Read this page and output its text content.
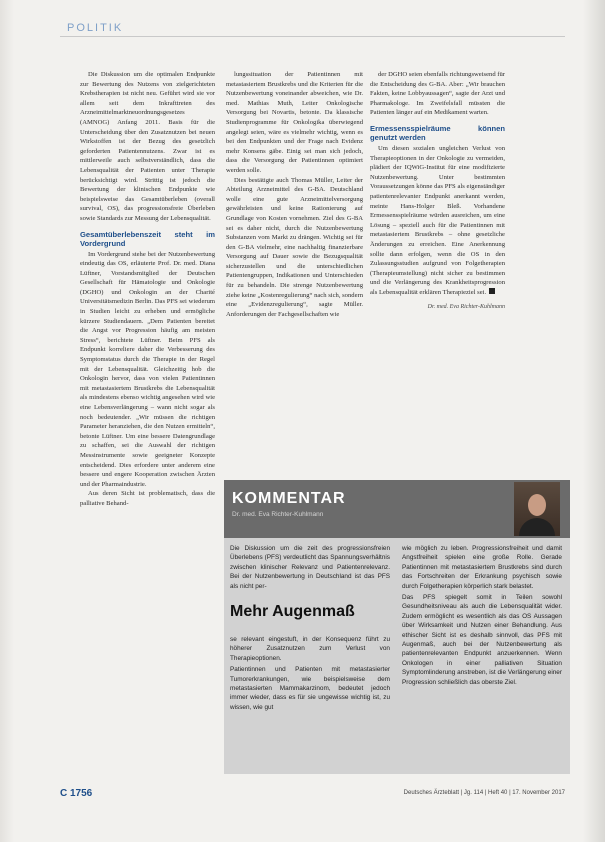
POLITIK

Die Diskussion um die optimalen Endpunkte zur Bewertung des Nutzens von zielgerichteten Krebstherapien ist nicht neu. Geführt wird sie vor allem seit dem Inkrafttreten des Arzneimittelmarktneuordnungsgesetzes (AMNOG) Anfang 2011. Basis für die Unterscheidung über den Zusatznutzen bei neuen Wirkstoffen ist der Bezug des gesetzlich geforderten Patientennutzens. Zwar ist es mittlerweile auch selbstverständlich, dass die Lebensqualität der Patienten unter Therapie berücksichtigt wird. Strittig ist jedoch die Bewertung der klinischen Endpunkte wie beispielsweise das Gesamtüberleben (overall survival, OS), das progressionsfreie Überleben sowie Standards zur Messung der Lebensqualität.

Gesamtüberlebenszeit steht im Vordergrund

Im Vordergrund stehe bei der Nutzenbewertung eindeutig das OS, erläuterte Prof. Dr. med. Diana Lüftner, Vorstandsmitglied der Deutschen Gesellschaft für Hämatologie und Onkologie (DGHO) und Onkologin an der Charité Universitätsmedizin Berlin. Das PFS sei wiederum in Studien leicht zu erheben und ermögliche kürzere Studiendauern. „Dem Patienten bereitet die Angst vor Progression häufig am meisten Stress“, berichtete Lüftner. Beim PFS als Endpunkt korreliere daher die Verbesserung des Symptomstatus durch die Therapie in der Regel mit der Lebensqualität. Gleichzeitig hob die Onkologin hervor, dass von vielen Patientinnen mit metastasiertem Brustkrebs die Lebensqualität als mindestens ebenso wichtig angesehen wird wie eine Lebensverlängerung – wann nicht sogar als noch bedeutender. „Wir müssen die richtigen Parameter heranziehen, die den Nutzen ermitteln“, betonte Lüftner. Um eine bessere Datengrundlage zu schaffen, sei die Auswahl der richtigen Messinstrumente sowie geeigneter Konzepte entscheidend. Dies erfordere unter anderem eine bessere und engere Kooperation zwischen Ärzten und der Pharmaindustrie.

Aus deren Sicht ist problematisch, dass die palliative Behand-

lungssituation der Patientinnen mit metastasiertem Brustkrebs und die Kriterien für die Nutzenbewertung voneinander abweichen, wie Dr. med. Mathias Muth, Leiter Onkologische Versorgung bei Novartis, betonte. Da klassische Studienprogramme für Onkologika überwiegend angelegt seien, wäre es vielmehr wichtig, wenn es bei den Endpunkten und der Frage nach Evidenz mehr Konsens gäbe. Einig sei man sich jedoch, dass die Versorgung der Patientinnen optimiert werden solle.

Dies bestätigte auch Thomas Müller, Leiter der Abteilung Arzneimittel des G-BA. Deutschland wolle eine gute Arzneimittelversorgung gewährleisten und keine Rationierung auf Grundlage von Kosten vornehmen. Ziel des G-BA sei es daher nicht, durch die Nutzenbewertung Substanzen vom Markt zu drängen. Wichtig sei für den G-BA vielmehr, eine nachhaltig finanzierbare Versorgung auf Dauer sowie die Bezugsqualität sicherzustellen und die unterschiedlichen Patientengruppen, Indikationen und Unterschieden für zu behandeln. Die strenge Nutzenbewertung ziehe keine „Kostenregulierung“ nach sich, sondern eine „Evidenzregulierung“, sagte Müller. Anforderungen der Fachgesellschaften wie

der DGHO seien ebenfalls richtungsweisend für die Entscheidung des G-BA. Aber: „Wir brauchen Fakten, keine Lobbyaussagen“, sagte der Arzt und Pharmakologe. Im Zweifelsfall müssten die Patienten länger auf ein Medikament warten.

Ermessensspielräume können genutzt werden

Um diesen sozialen ungleichen Verlust von Therapieoptionen in der Onkologie zu vermeiden, plädiert der IQWiG-Institut für eine modifizierte Nutzenbewertung. Unter bestimmten Voraussetzungen könne das PFS als eigenständiger patientenrelevanter Endpunkt anerkannt werden, meinte Hans-Holger Bleß. Vorhandene Ermessensspielräume würden ausreichen, um eine Lösung – speziell auch für die Patientinnen mit metastasiertem Brustkrebs – ohne gesetzliche Änderungen zu erreichen. Eine Anerkennung sollte dann erfolgen, wenn die OS in den Zulassungsstudien aufgrund von Folgetherapien (Therapieumstellung) nicht sicher zu bestimmen und die Verlängerung des Krankheitsprogression als Lebensqualität erklären Therapieziel sei.

Dr. med. Eva Richter-Kuhlmann
KOMMENTAR
Dr. med. Eva Richter-Kuhlmann

Die Diskussion um die zeit des progressionsfreien Überlebens (PFS) verdeutlicht das Spannungsverhältnis zwischen klinischer Relevanz und Patientenrelevanz. Bei der Nutzenbewertung in Deutschland ist das PFS als nicht per-

Mehr Augenmaß

se relevant eingestuft, in der Konsequenz führt zu höherer Zusatznutzen zum Verlust von Therapieoptionen.

Patientinnen und Patienten mit metastasierter Tumorerkrankungen, wie beispielsweise dem metastasierten Mammakarzinom, bedeutet jedoch immer wieder, dass es für sie ungewisse wichtig ist, zu wissen, wie gut

wie möglich zu leben. Progressionsfreiheit und damit Angstfreiheit spielen eine große Rolle. Gerade Patientinnen mit metastasiertem Brustkrebs sind durch das Fortschreiten der Erkrankung psychisch sowie durch Folgetherapien körperlich stark belastet.

Das PFS spiegelt somit in Teilen sowohl Gesundheitsniveau als auch die Lebensqualität wider. Zudem ermöglicht es wesentlich als das OS Aussagen über Wirksamkeit und Nutzen einer Behandlung. Aus ethischer Sicht ist es deshalb sinnvoll, das PFS mit Augenmaß, auch bei der Nutzenbewertung als patientenrelevanten Endpunkt anzuerkennen. Wenn Onkologen in einer palliativen Situation Symptomlinderung anstreben, ist die Verlängerung einer Progression schließlich das oberste Ziel.

C 1756	Deutsches Ärzteblatt | Jg. 114 | Heft 40 | 17. November 2017
